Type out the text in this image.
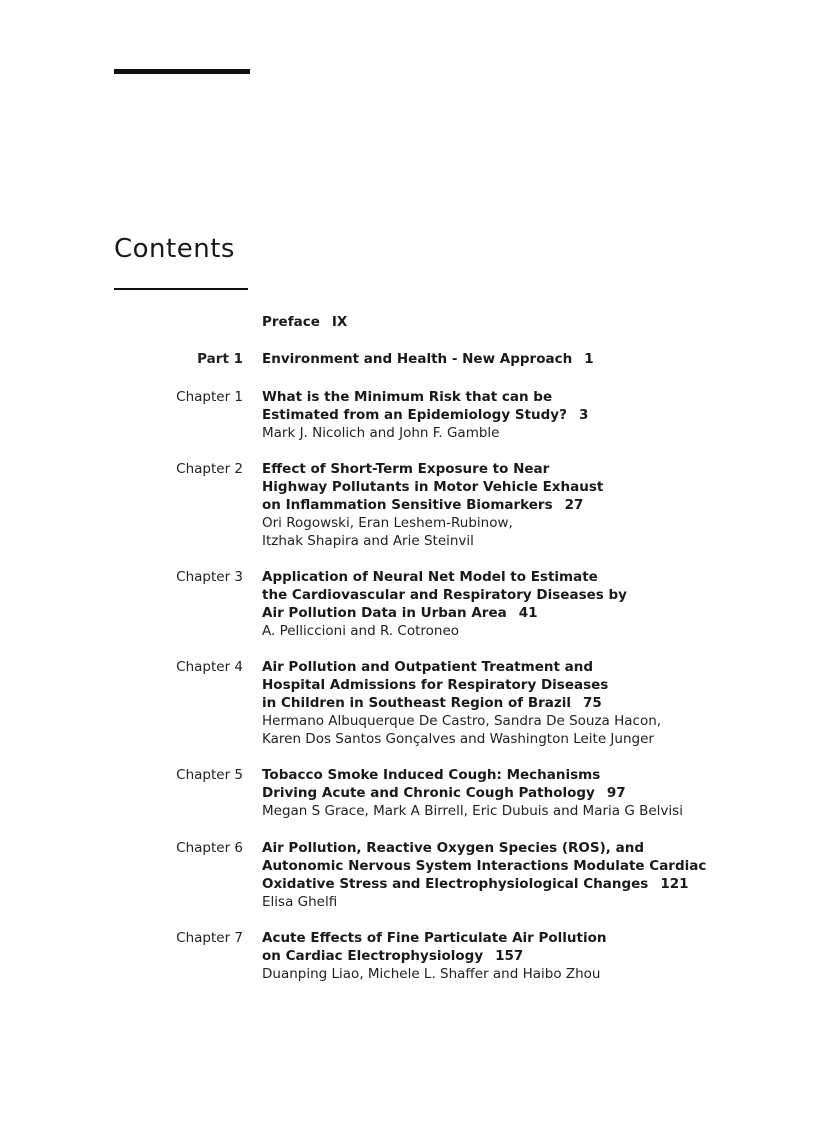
Contents
Preface IX
Part 1 Environment and Health - New Approach 1
Chapter 1 What is the Minimum Risk that can be
Estimated from an Epidemiology Study? 3
Mark J. Nicolich and John F. Gamble
Chapter 2 Effect of Short-Term Exposure to Near
Highway Pollutants in Motor Vehicle Exhaust
on Inflammation Sensitive Biomarkers 27
Ori Rogowski, Eran Leshem-Rubinow,
Itzhak Shapira and Arie Steinvil
Chapter 3 Application of Neural Net Model to Estimate
the Cardiovascular and Respiratory Diseases by
Air Pollution Data in Urban Area 41
A. Pelliccioni and R. Cotroneo
Chapter 4 Air Pollution and Outpatient Treatment and
Hospital Admissions for Respiratory Diseases
in Children in Southeast Region of Brazil 75
Hermano Albuquerque De Castro, Sandra De Souza Hacon,
Karen Dos Santos Gonçalves and Washington Leite Junger
Chapter 5 Tobacco Smoke Induced Cough: Mechanisms
Driving Acute and Chronic Cough Pathology 97
Megan S Grace, Mark A Birrell, Eric Dubuis and Maria G Belvisi
Chapter 6 Air Pollution, Reactive Oxygen Species (ROS), and
Autonomic Nervous System Interactions Modulate Cardiac
Oxidative Stress and Electrophysiological Changes 121
Elisa Ghelfi
Chapter 7 Acute Effects of Fine Particulate Air Pollution
on Cardiac Electrophysiology 157
Duanping Liao, Michele L. Shaffer and Haibo Zhou
